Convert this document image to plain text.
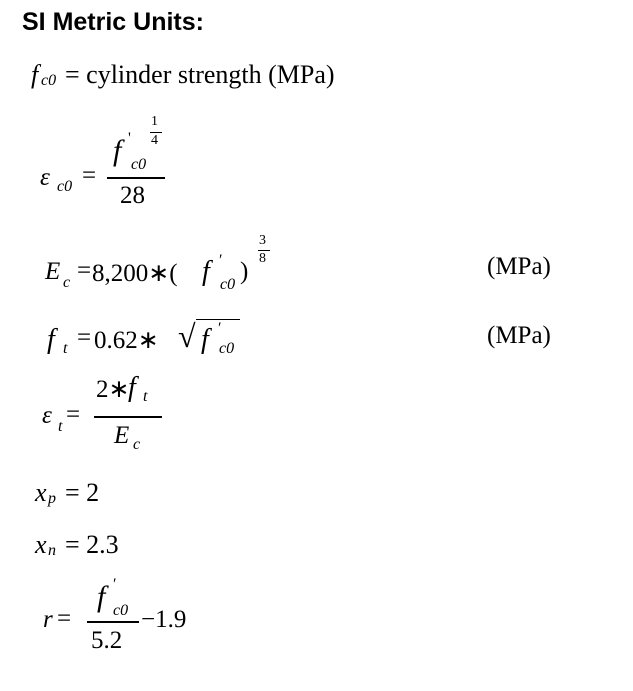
SI Metric Units:
f c0 = cylinder strength (MPa)
ε c0 =
f '
c0
1
4
28
E c = 8,200∗( f ′
c0 )
3
8	(MPa)
f t = 0.62∗ √ f ′
c0	(MPa)
ε t =
2∗
f t
E c
x p = 2
x n = 2.3
r =
f ′
c0
5.2
−1.9
